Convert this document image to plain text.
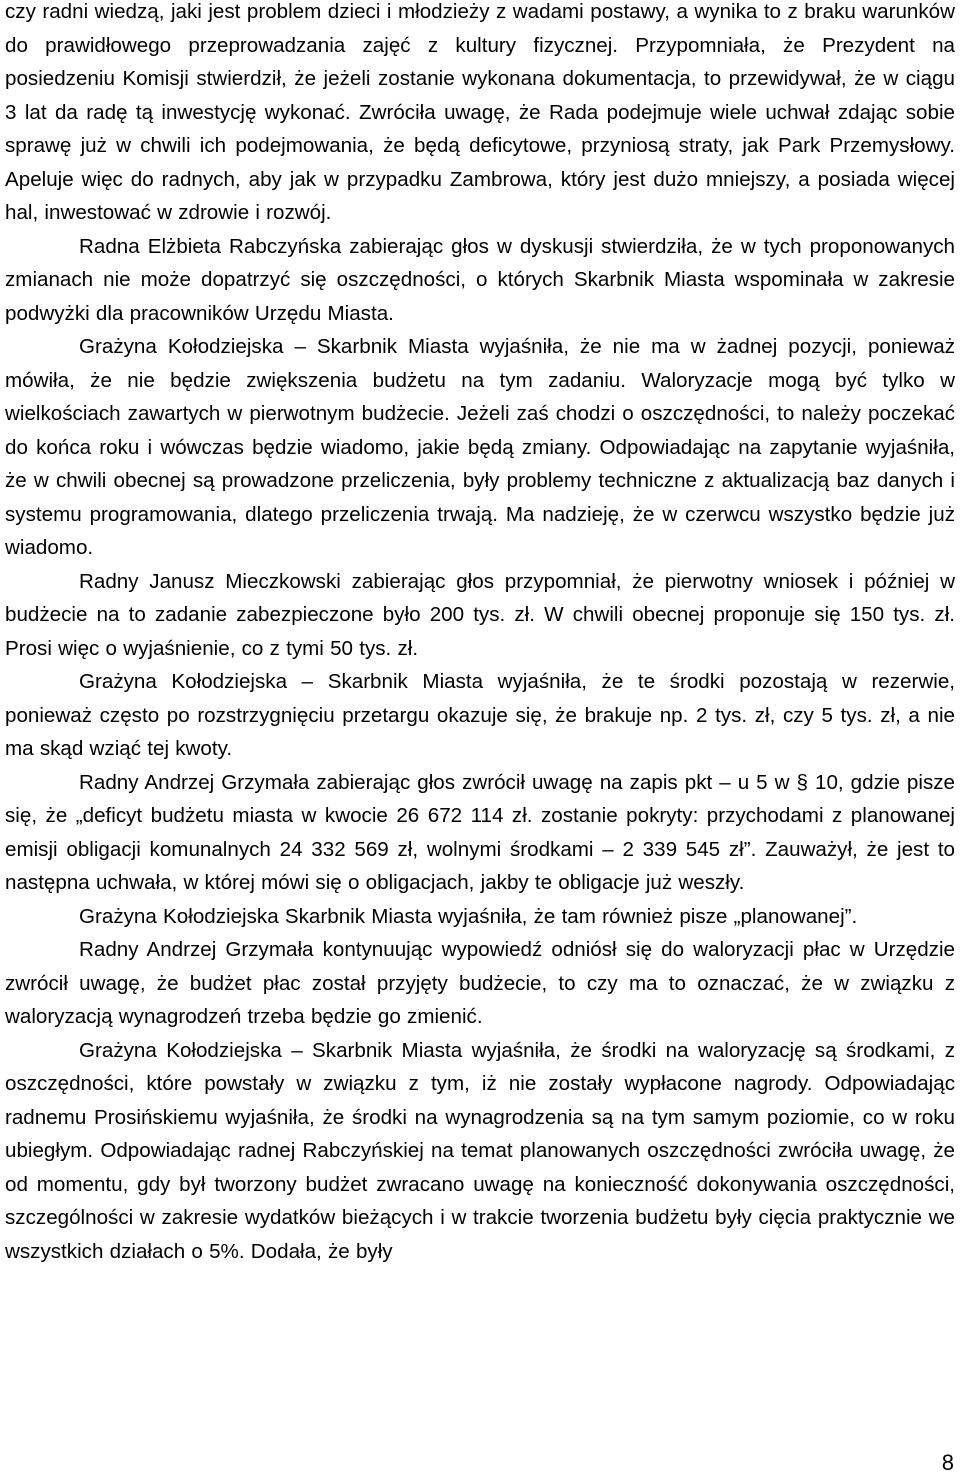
czy radni wiedzą, jaki jest problem dzieci i młodzieży z wadami postawy, a wynika to z braku warunków do prawidłowego przeprowadzania zajęć z kultury fizycznej. Przypomniała, że Prezydent na posiedzeniu Komisji stwierdził, że jeżeli zostanie wykonana dokumentacja, to przewidywał, że w ciągu 3 lat da radę tą inwestycję wykonać. Zwróciła uwagę, że Rada podejmuje wiele uchwał zdając sobie sprawę już w chwili ich podejmowania, że będą deficytowe, przyniosą straty, jak Park Przemysłowy. Apeluje więc do radnych, aby jak w przypadku Zambrowa, który jest dużo mniejszy, a posiada więcej hal, inwestować w zdrowie i rozwój.

Radna Elżbieta Rabczyńska zabierając głos w dyskusji stwierdziła, że w tych proponowanych zmianach nie może dopatrzyć się oszczędności, o których Skarbnik Miasta wspominała w zakresie podwyżki dla pracowników Urzędu Miasta.

Grażyna Kołodziejska – Skarbnik Miasta wyjaśniła, że nie ma w żadnej pozycji, ponieważ mówiła, że nie będzie zwiększenia budżetu na tym zadaniu. Waloryzacje mogą być tylko w wielkościach zawartych w pierwotnym budżecie. Jeżeli zaś chodzi o oszczędności, to należy poczekać do końca roku i wówczas będzie wiadomo, jakie będą zmiany. Odpowiadając na zapytanie wyjaśniła, że w chwili obecnej są prowadzone przeliczenia, były problemy techniczne z aktualizacją baz danych i systemu programowania, dlatego przeliczenia trwają. Ma nadzieję, że w czerwcu wszystko będzie już wiadomo.

Radny Janusz Mieczkowski zabierając głos przypomniał, że pierwotny wniosek i później w budżecie na to zadanie zabezpieczone było 200 tys. zł. W chwili obecnej proponuje się 150 tys. zł. Prosi więc o wyjaśnienie, co z tymi 50 tys. zł.

Grażyna Kołodziejska – Skarbnik Miasta wyjaśniła, że te środki pozostają w rezerwie, ponieważ często po rozstrzygnięciu przetargu okazuje się, że brakuje np. 2 tys. zł, czy 5 tys. zł, a nie ma skąd wziąć tej kwoty.

Radny Andrzej Grzymała zabierając głos zwrócił uwagę na zapis pkt – u 5 w § 10, gdzie pisze się, że „deficyt budżetu miasta w kwocie 26 672 114 zł. zostanie pokryty: przychodami z planowanej emisji obligacji komunalnych 24 332 569 zł, wolnymi środkami – 2 339 545 zł”. Zauważył, że jest to następna uchwała, w której mówi się o obligacjach, jakby te obligacje już weszły.

Grażyna Kołodziejska Skarbnik Miasta wyjaśniła, że tam również pisze „planowanej”.

Radny Andrzej Grzymała kontynuując wypowiedź odniósł się do waloryzacji płac w Urzędzie zwrócił uwagę, że budżet płac został przyjęty budżecie, to czy ma to oznaczać, że w związku z waloryzacją wynagrodzeń trzeba będzie go zmienić.

Grażyna Kołodziejska – Skarbnik Miasta wyjaśniła, że środki na waloryzację są środkami, z oszczędności, które powstały w związku z tym, iż nie zostały wypłacone nagrody. Odpowiadając radnemu Prosińskiemu wyjaśniła, że środki na wynagrodzenia są na tym samym poziomie, co w roku ubiegłym. Odpowiadając radnej Rabczyńskiej na temat planowanych oszczędności zwróciła uwagę, że od momentu, gdy był tworzony budżet zwracano uwagę na konieczność dokonywania oszczędności, szczególności w zakresie wydatków bieżących i w trakcie tworzenia budżetu były cięcia praktycznie we wszystkich działach o 5%. Dodała, że były

8
